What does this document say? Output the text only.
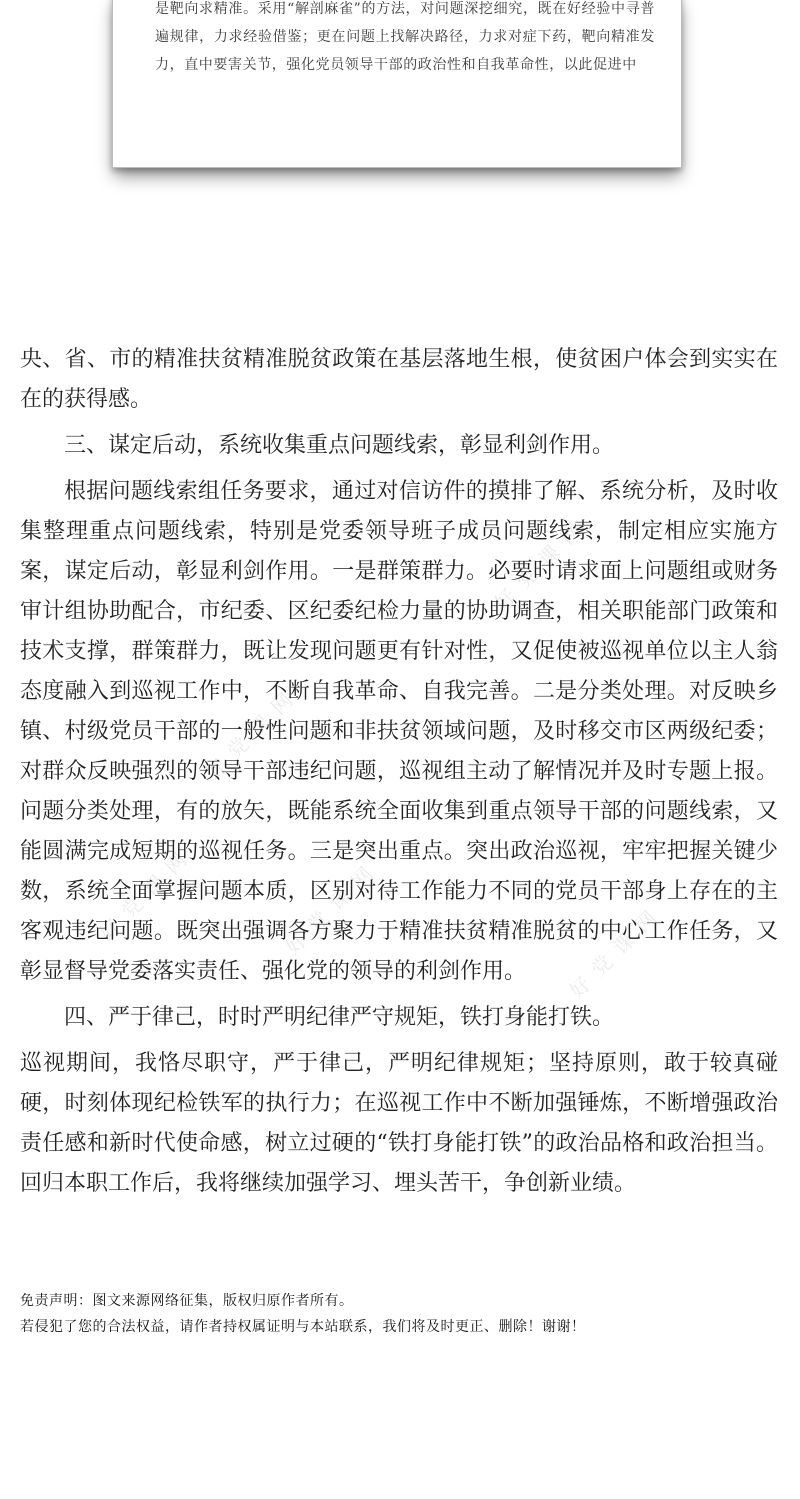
是靶向求精准。采用“解剖麻雀”的方法，对问题深挖细究，既在好经验中寻普遍规律，力求经验借鉴；更在问题上找解决路径，力求对症下药，靶向精准发力，直中要害关节，强化党员领导干部的政治性和自我革命性，以此促进中
好党课网
好党课网
好党课网	好党课网	好党课网

央、省、市的精准扶贫精准脱贫政策在基层落地生根，使贫困户体会到实实在在的获得感。

三、谋定后动，系统收集重点问题线索，彰显利剑作用。

根据问题线索组任务要求，通过对信访件的摸排了解、系统分析，及时收集整理重点问题线索，特别是党委领导班子成员问题线索，制定相应实施方案，谋定后动，彰显利剑作用。一是群策群力。必要时请求面上问题组或财务审计组协助配合，市纪委、区纪委纪检力量的协助调查，相关职能部门政策和技术支撑，群策群力，既让发现问题更有针对性，又促使被巡视单位以主人翁态度融入到巡视工作中，不断自我革命、自我完善。二是分类处理。对反映乡镇、村级党员干部的一般性问题和非扶贫领域问题，及时移交市区两级纪委；对群众反映强烈的领导干部违纪问题，巡视组主动了解情况并及时专题上报。问题分类处理，有的放矢，既能系统全面收集到重点领导干部的问题线索，又能圆满完成短期的巡视任务。三是突出重点。突出政治巡视，牢牢把握关键少数，系统全面掌握问题本质，区别对待工作能力不同的党员干部身上存在的主客观违纪问题。既突出强调各方聚力于精准扶贫精准脱贫的中心工作任务，又彰显督导党委落实责任、强化党的领导的利剑作用。

四、严于律己，时时严明纪律严守规矩，铁打身能打铁。

巡视期间，我恪尽职守，严于律己，严明纪律规矩；坚持原则，敢于较真碰硬，时刻体现纪检铁军的执行力；在巡视工作中不断加强锤炼，不断增强政治责任感和新时代使命感，树立过硬的“铁打身能打铁”的政治品格和政治担当。回归本职工作后，我将继续加强学习、埋头苦干，争创新业绩。

免责声明：图文来源网络征集，版权归原作者所有。
若侵犯了您的合法权益，请作者持权属证明与本站联系，我们将及时更正、删除！谢谢！
